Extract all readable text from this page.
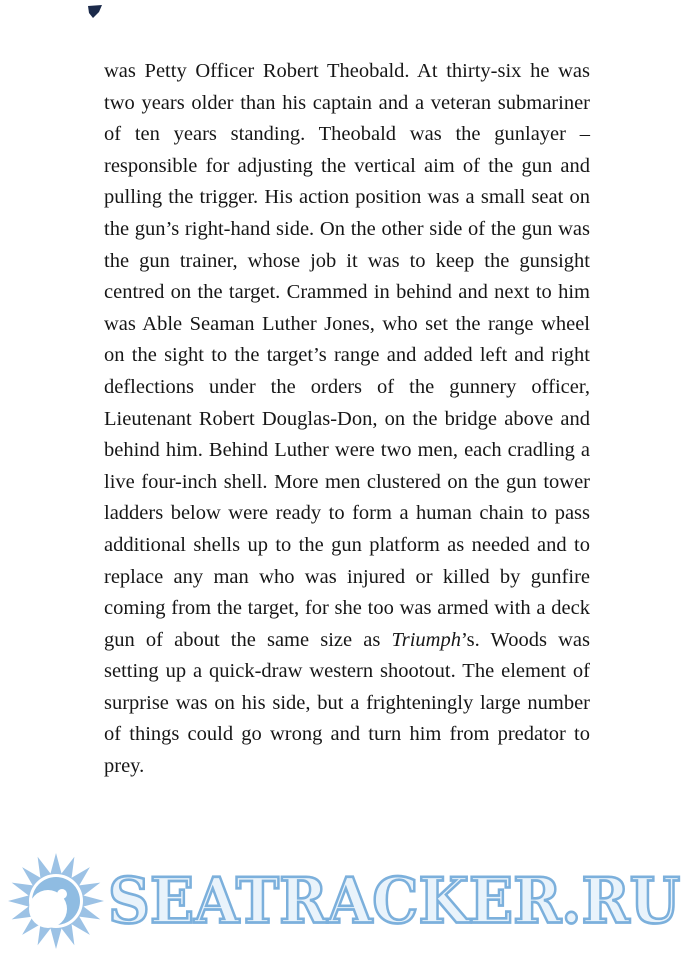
was Petty Officer Robert Theobald. At thirty-six he was two years older than his captain and a veteran submariner of ten years standing. Theobald was the gunlayer – responsible for adjusting the vertical aim of the gun and pulling the trigger. His action position was a small seat on the gun’s right-hand side. On the other side of the gun was the gun trainer, whose job it was to keep the gunsight centred on the target. Crammed in behind and next to him was Able Seaman Luther Jones, who set the range wheel on the sight to the target’s range and added left and right deflections under the orders of the gunnery officer, Lieutenant Robert Douglas-Don, on the bridge above and behind him. Behind Luther were two men, each cradling a live four-inch shell. More men clustered on the gun tower ladders below were ready to form a human chain to pass additional shells up to the gun platform as needed and to replace any man who was injured or killed by gunfire coming from the target, for she too was armed with a deck gun of about the same size as Triumph’s. Woods was setting up a quick-draw western shootout. The element of surprise was on his side, but a frighteningly large number of things could go wrong and turn him from predator to prey.

SEATRACKER.RU
